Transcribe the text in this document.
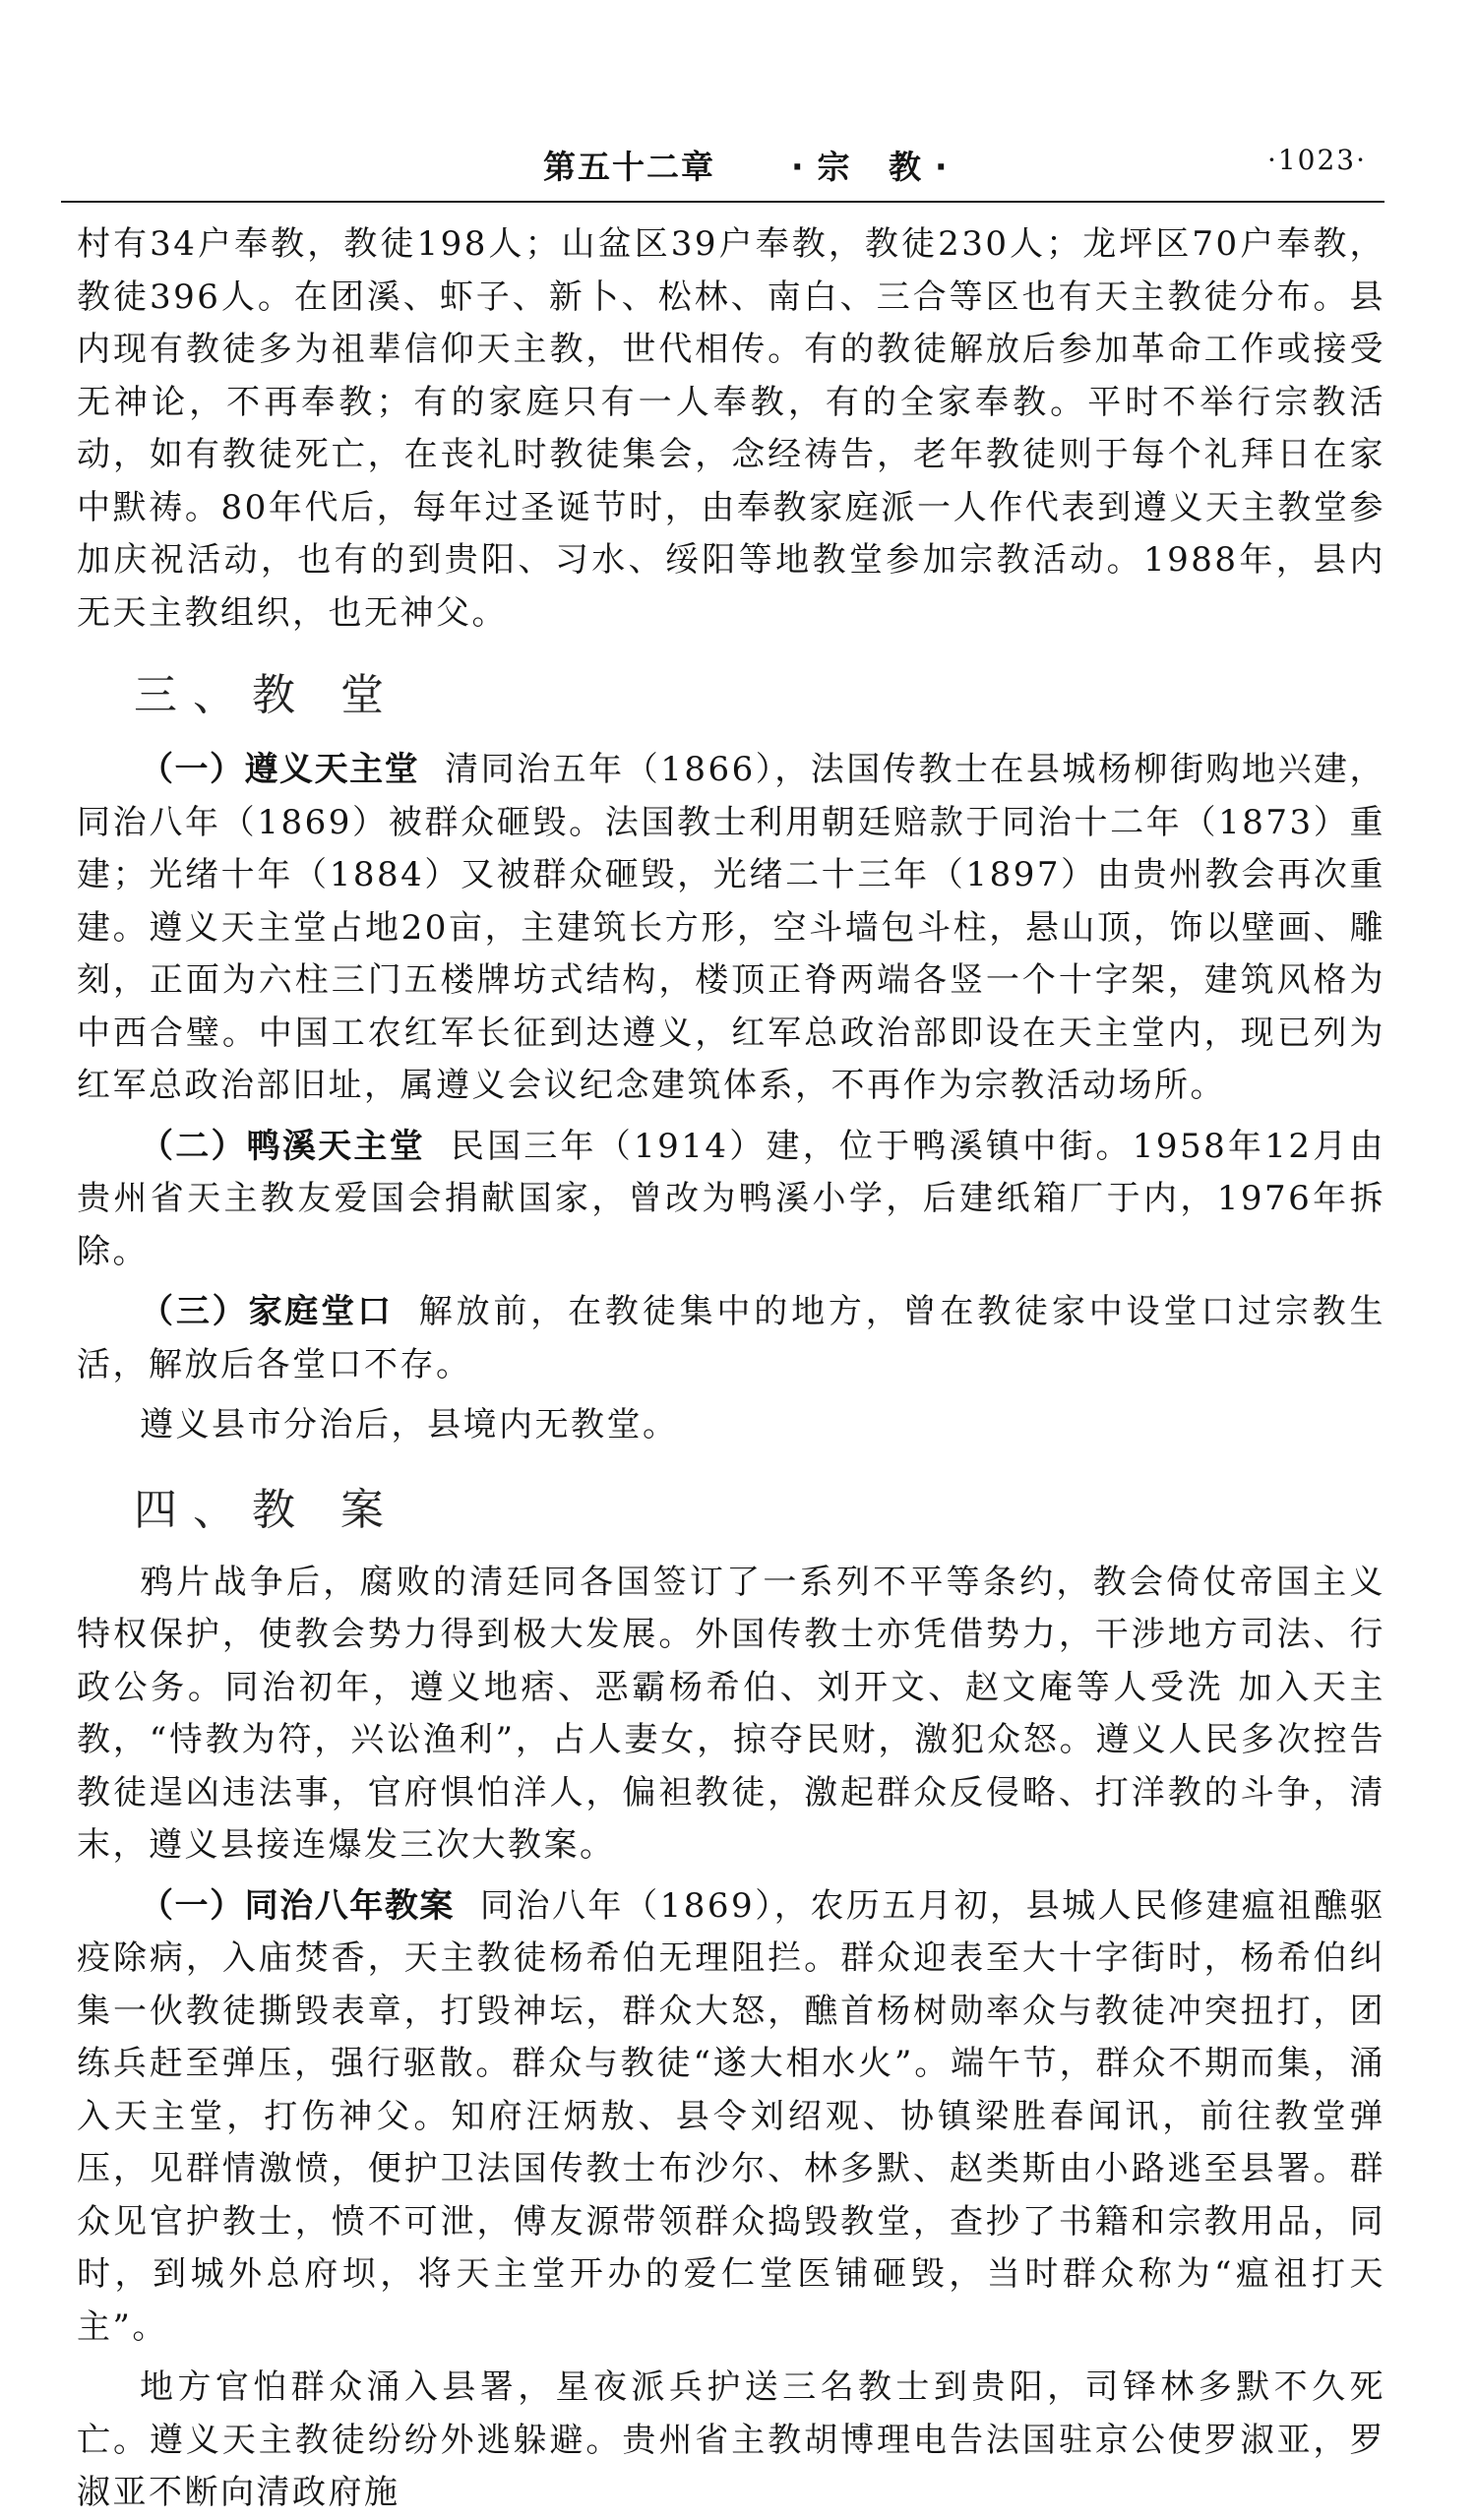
第五十二章 ·宗 教·	·1023·

村有34户奉教，教徒198人；山盆区39户奉教，教徒230人；龙坪区70户奉教，教徒396人。在团溪、虾子、新卜、松林、南白、三合等区也有天主教徒分布。县内现有教徒多为祖辈信仰天主教，世代相传。有的教徒解放后参加革命工作或接受无神论，不再奉教；有的家庭只有一人奉教，有的全家奉教。平时不举行宗教活动，如有教徒死亡，在丧礼时教徒集会，念经祷告，老年教徒则于每个礼拜日在家中默祷。80年代后，每年过圣诞节时，由奉教家庭派一人作代表到遵义天主教堂参加庆祝活动，也有的到贵阳、习水、绥阳等地教堂参加宗教活动。1988年，县内无天主教组织，也无神父。

三、教 堂

（一）遵义天主堂 清同治五年（1866），法国传教士在县城杨柳街购地兴建，同治八年（1869）被群众砸毁。法国教士利用朝廷赔款于同治十二年（1873）重建；光绪十年（1884）又被群众砸毁，光绪二十三年（1897）由贵州教会再次重建。遵义天主堂占地20亩，主建筑长方形，空斗墙包斗柱，悬山顶，饰以壁画、雕刻，正面为六柱三门五楼牌坊式结构，楼顶正脊两端各竖一个十字架，建筑风格为中西合璧。中国工农红军长征到达遵义，红军总政治部即设在天主堂内，现已列为红军总政治部旧址，属遵义会议纪念建筑体系，不再作为宗教活动场所。

（二）鸭溪天主堂 民国三年（1914）建，位于鸭溪镇中街。1958年12月由贵州省天主教友爱国会捐献国家，曾改为鸭溪小学，后建纸箱厂于内，1976年拆除。

（三）家庭堂口 解放前，在教徒集中的地方，曾在教徒家中设堂口过宗教生活，解放后各堂口不存。

遵义县市分治后，县境内无教堂。

四、教 案

鸦片战争后，腐败的清廷同各国签订了一系列不平等条约，教会倚仗帝国主义特权保护，使教会势力得到极大发展。外国传教士亦凭借势力，干涉地方司法、行政公务。同治初年，遵义地痞、恶霸杨希伯、刘开文、赵文庵等人受洗 加入天主教，“恃教为符，兴讼渔利”，占人妻女，掠夺民财，激犯众怒。遵义人民多次控告教徒逞凶违法事，官府惧怕洋人，偏袒教徒，激起群众反侵略、打洋教的斗争，清末，遵义县接连爆发三次大教案。

（一）同治八年教案 同治八年（1869），农历五月初，县城人民修建瘟祖醮驱疫除病，入庙焚香，天主教徒杨希伯无理阻拦。群众迎表至大十字街时，杨希伯纠集一伙教徒撕毁表章，打毁神坛，群众大怒，醮首杨树勋率众与教徒冲突扭打，团练兵赶至弹压，强行驱散。群众与教徒“遂大相水火”。端午节，群众不期而集，涌入天主堂，打伤神父。知府汪炳敖、县令刘绍观、协镇梁胜春闻讯，前往教堂弹压，见群情激愤，便护卫法国传教士布沙尔、林多默、赵类斯由小路逃至县署。群众见官护教士，愤不可泄，傅友源带领群众捣毁教堂，查抄了书籍和宗教用品，同时，到城外总府坝，将天主堂开办的爱仁堂医铺砸毁，当时群众称为“瘟祖打天主”。

地方官怕群众涌入县署，星夜派兵护送三名教士到贵阳，司铎林多默不久死亡。遵义天主教徒纷纷外逃躲避。贵州省主教胡博理电告法国驻京公使罗淑亚，罗淑亚不断向清政府施
